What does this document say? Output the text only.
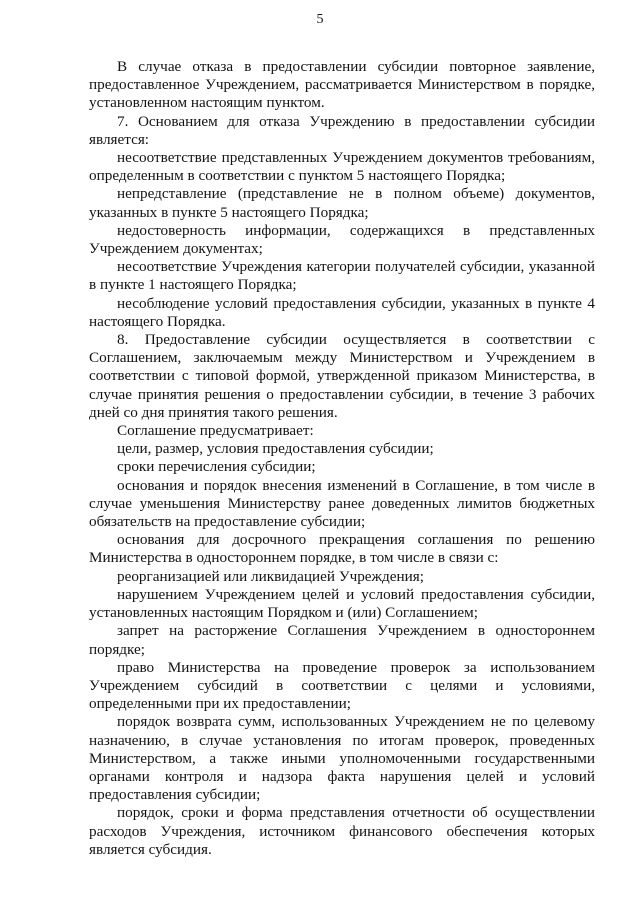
5

В случае отказа в предоставлении субсидии повторное заявление, предоставленное Учреждением, рассматривается Министерством в порядке, установленном настоящим пунктом.

7. Основанием для отказа Учреждению в предоставлении субсидии является:

несоответствие представленных Учреждением документов требованиям, определенным в соответствии с пунктом 5 настоящего Порядка;

непредставление (представление не в полном объеме) документов, указанных в пункте 5 настоящего Порядка;

недостоверность информации, содержащихся в представленных Учреждением документах;

несоответствие Учреждения категории получателей субсидии, указанной в пункте 1 настоящего Порядка;

несоблюдение условий предоставления субсидии, указанных в пункте 4 настоящего Порядка.

8. Предоставление субсидии осуществляется в соответствии с Соглашением, заключаемым между Министерством и Учреждением в соответствии с типовой формой, утвержденной приказом Министерства, в случае принятия решения о предоставлении субсидии, в течение 3 рабочих дней со дня принятия такого решения.

Соглашение предусматривает:

цели, размер, условия предоставления субсидии;

сроки перечисления субсидии;

основания и порядок внесения изменений в Соглашение, в том числе в случае уменьшения Министерству ранее доведенных лимитов бюджетных обязательств на предоставление субсидии;

основания для досрочного прекращения соглашения по решению Министерства в одностороннем порядке, в том числе в связи с:

реорганизацией или ликвидацией Учреждения;

нарушением Учреждением целей и условий предоставления субсидии, установленных настоящим Порядком и (или) Соглашением;

запрет на расторжение Соглашения Учреждением в одностороннем порядке;

право Министерства на проведение проверок за использованием Учреждением субсидий в соответствии с целями и условиями, определенными при их предоставлении;

порядок возврата сумм, использованных Учреждением не по целевому назначению, в случае установления по итогам проверок, проведенных Министерством, а также иными уполномоченными государственными органами контроля и надзора факта нарушения целей и условий предоставления субсидии;

порядок, сроки и форма представления отчетности об осуществлении расходов Учреждения, источником финансового обеспечения которых является субсидия.
